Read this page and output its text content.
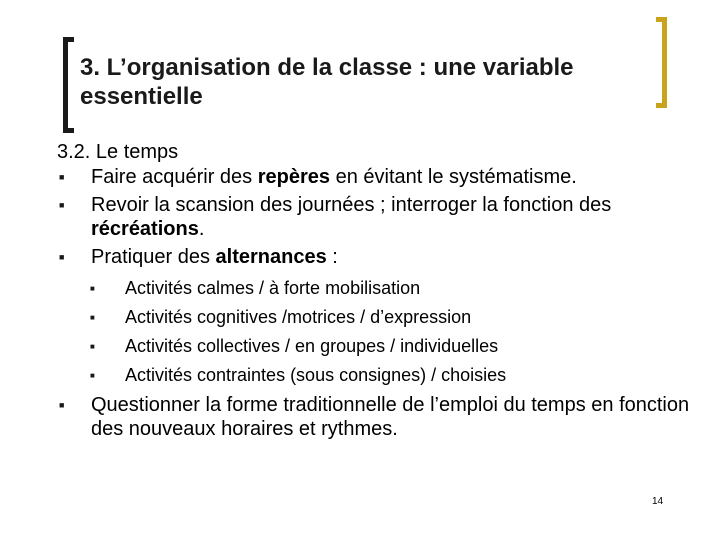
3. L’organisation de la classe : une variable essentielle
3.2. Le temps
■ Faire acquérir des repères en évitant le systématisme.
■ Revoir la scansion des journées ; interroger la fonction des récréations.
■ Pratiquer des alternances :
■ Activités calmes / à forte mobilisation
■ Activités cognitives /motrices / d’expression
■ Activités collectives / en groupes / individuelles
■ Activités contraintes (sous consignes) / choisies
■ Questionner la forme traditionnelle de l’emploi du temps en fonction des nouveaux horaires et rythmes.
14
